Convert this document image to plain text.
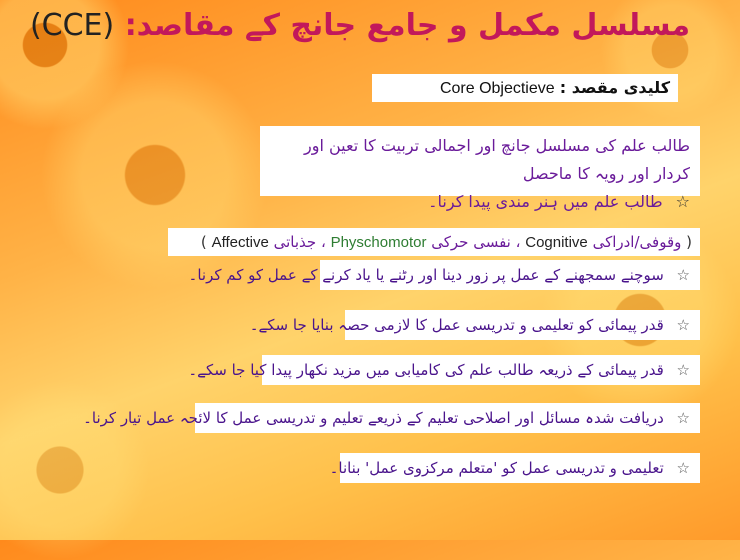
مسلسل مکمل و جامع جانچ کے مقاصد: (CCE)
کلیدی مقصد : Core Objectieve
طالب علم کی مسلسل جانچ اور اجمالی تربیت کا تعین اور کردار اور رویہ کا ماحصل
☆ طالب علم میں ہنر مندی پیدا کرنا۔
( وقوفی/ادراکی Cognitive ، نفسی حرکی Physchomotor ، جذباتی Affective )
☆ سوچنے سمجھنے کے عمل پر زور دینا اور رٹنے یا یاد کرنے کے عمل کو کم کرنا۔
☆ قدر پیمائی کو تعلیمی و تدریسی عمل کا لازمی حصہ بنایا جا سکے۔
☆ قدر پیمائی کے ذریعہ طالب علم کی کامیابی میں مزید نکھار پیدا کیا جا سکے۔
☆ دریافت شدہ مسائل اور اصلاحی تعلیم کے ذریعے تعلیم و تدریسی عمل کا لائحہ عمل تیار کرنا۔
☆ تعلیمی و تدریسی عمل کو 'متعلم مرکزوی عمل' بنانا۔
